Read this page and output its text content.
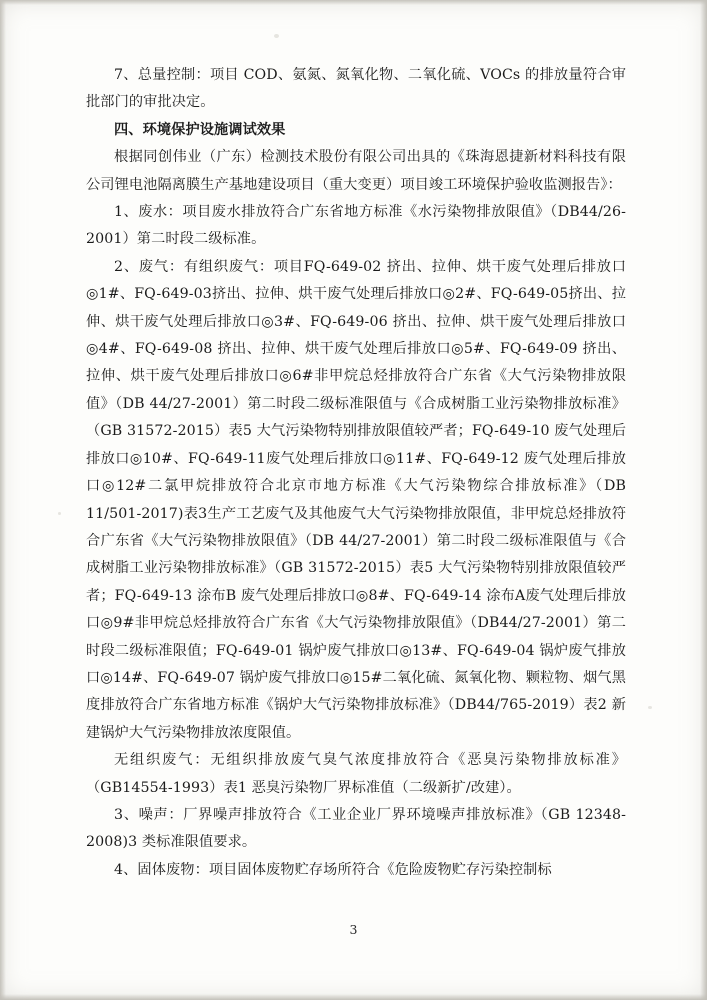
7、总量控制：项目 COD、氨氮、氮氧化物、二氧化硫、VOCs 的排放量符合审批部门的审批决定。

四、环境保护设施调试效果

根据同创伟业（广东）检测技术股份有限公司出具的《珠海恩捷新材料科技有限公司锂电池隔离膜生产基地建设项目（重大变更）项目竣工环境保护验收监测报告》：

1、废水：项目废水排放符合广东省地方标准《水污染物排放限值》（DB44/26-2001）第二时段二级标准。

2、废气：有组织废气：项目FQ-649-02 挤出、拉伸、烘干废气处理后排放口◎1#、FQ-649-03挤出、拉伸、烘干废气处理后排放口◎2#、FQ-649-05挤出、拉伸、烘干废气处理后排放口◎3#、FQ-649-06 挤出、拉伸、烘干废气处理后排放口◎4#、FQ-649-08 挤出、拉伸、烘干废气处理后排放口◎5#、FQ-649-09 挤出、拉伸、烘干废气处理后排放口◎6#非甲烷总烃排放符合广东省《大气污染物排放限值》（DB 44/27-2001）第二时段二级标准限值与《合成树脂工业污染物排放标准》（GB 31572-2015）表5 大气污染物特别排放限值较严者；FQ-649-10 废气处理后排放口◎10#、FQ-649-11废气处理后排放口◎11#、FQ-649-12 废气处理后排放口◎12#二氯甲烷排放符合北京市地方标准《大气污染物综合排放标准》（DB 11/501-2017)表3生产工艺废气及其他废气大气污染物排放限值，非甲烷总烃排放符合广东省《大气污染物排放限值》（DB 44/27-2001）第二时段二级标准限值与《合成树脂工业污染物排放标准》（GB 31572-2015）表5 大气污染物特别排放限值较严者；FQ-649-13 涂布B 废气处理后排放口◎8#、FQ-649-14 涂布A废气处理后排放口◎9#非甲烷总烃排放符合广东省《大气污染物排放限值》（DB44/27-2001）第二时段二级标准限值；FQ-649-01 锅炉废气排放口◎13#、FQ-649-04 锅炉废气排放口◎14#、FQ-649-07 锅炉废气排放口◎15#二氧化硫、氮氧化物、颗粒物、烟气黑度排放符合广东省地方标准《锅炉大气污染物排放标准》（DB44/765-2019）表2 新建锅炉大气污染物排放浓度限值。

无组织废气：无组织排放废气臭气浓度排放符合《恶臭污染物排放标准》（GB14554-1993）表1 恶臭污染物厂界标准值（二级新扩/改建）。

3、噪声：厂界噪声排放符合《工业企业厂界环境噪声排放标准》（GB 12348-2008)3 类标准限值要求。

4、固体废物：项目固体废物贮存场所符合《危险废物贮存污染控制标

3
